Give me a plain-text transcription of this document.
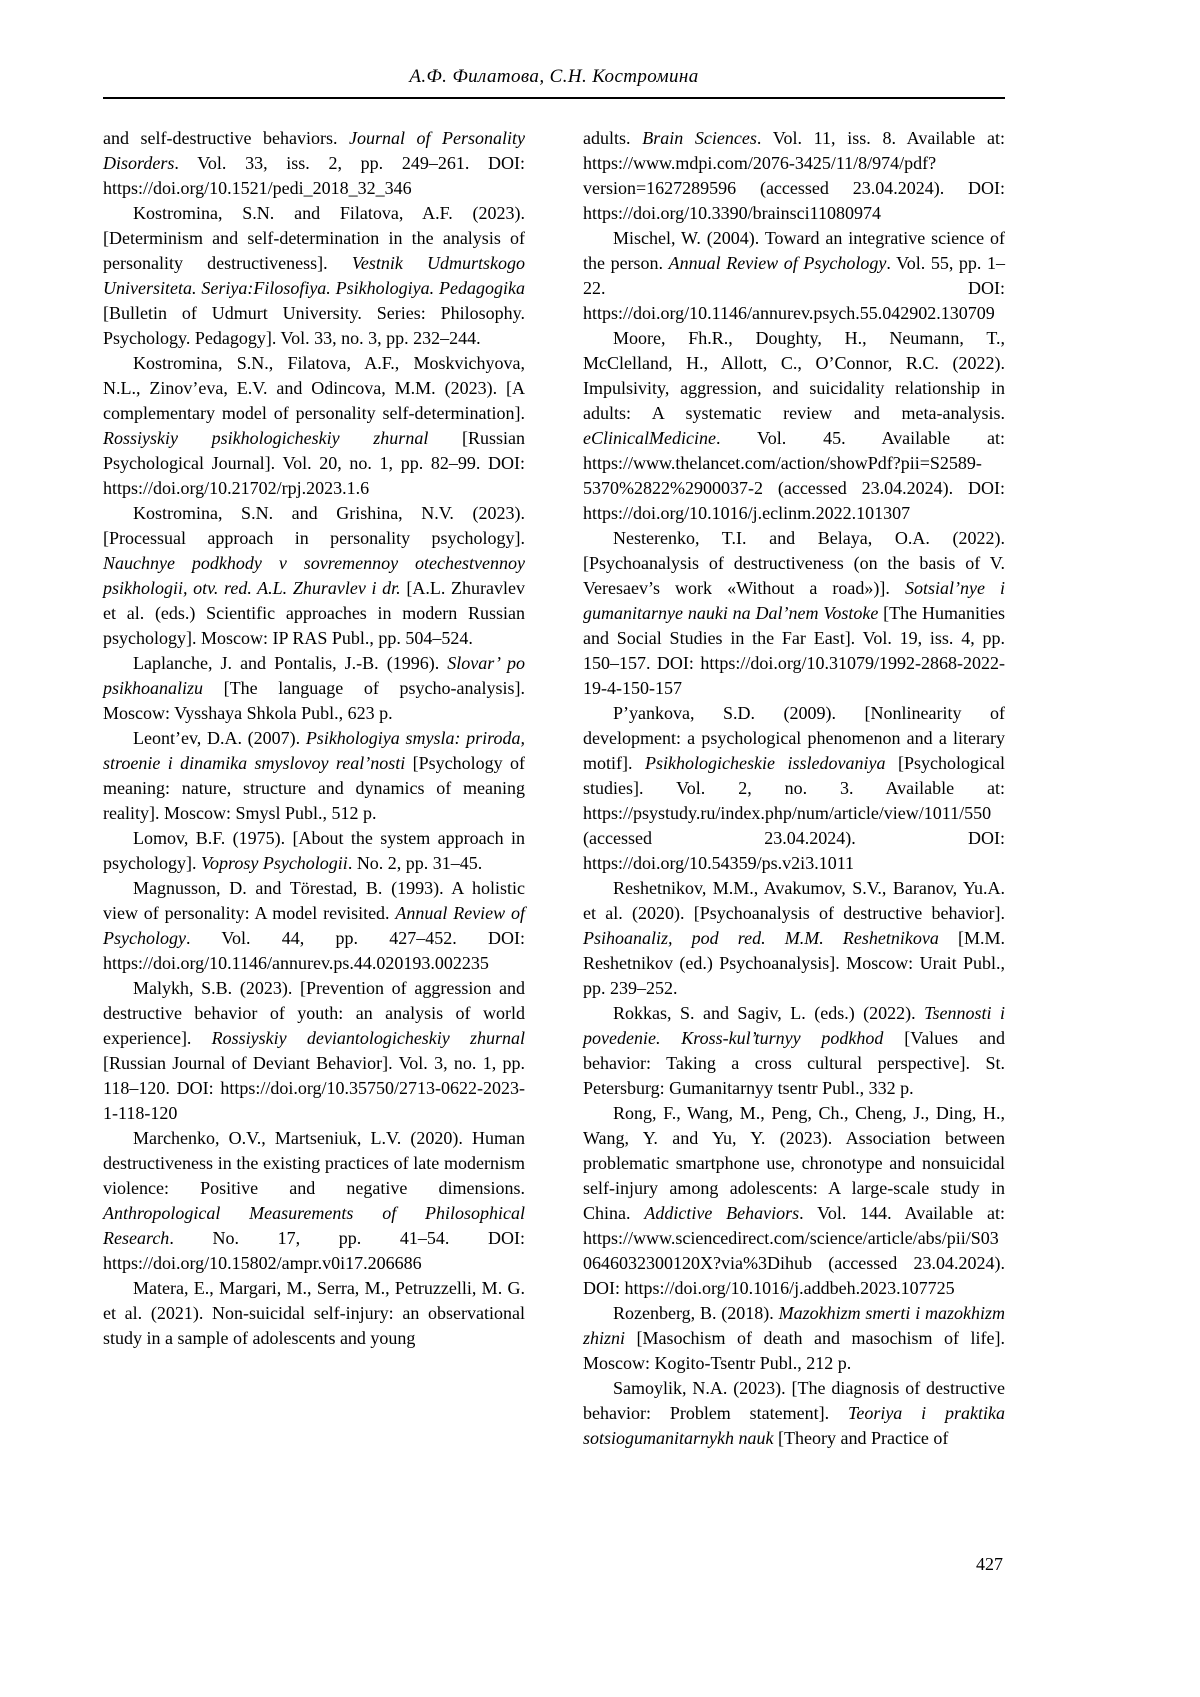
А.Ф. Филатова, С.Н. Костромина

and self-destructive behaviors. Journal of Personality Disorders. Vol. 33, iss. 2, pp. 249–261. DOI: https://doi.org/10.1521/pedi_2018_32_346

Kostromina, S.N. and Filatova, A.F. (2023). [Determinism and self-determination in the analysis of personality destructiveness]. Vestnik Udmurtskogo Universiteta. Seriya:Filosofiya. Psikhologiya. Pedagogika [Bulletin of Udmurt University. Series: Philosophy. Psychology. Pedagogy]. Vol. 33, no. 3, pp. 232–244.

Kostromina, S.N., Filatova, A.F., Moskvichyova, N.L., Zinov’eva, E.V. and Odincova, M.M. (2023). [A complementary model of personality self-determination]. Rossiyskiy psikhologicheskiy zhurnal [Russian Psychological Journal]. Vol. 20, no. 1, pp. 82–99. DOI: https://doi.org/10.21702/rpj.2023.1.6

Kostromina, S.N. and Grishina, N.V. (2023). [Processual approach in personality psychology]. Nauchnye podkhody v sovremennoy otechestvennoy psikhologii, otv. red. A.L. Zhuravlev i dr. [A.L. Zhuravlev et al. (eds.) Scientific approaches in modern Russian psychology]. Moscow: IP RAS Publ., pp. 504–524.

Laplanche, J. and Pontalis, J.-B. (1996). Slovar’ po psikhoanalizu [The language of psycho-analysis]. Moscow: Vysshaya Shkola Publ., 623 p.

Leont’ev, D.A. (2007). Psikhologiya smysla: priroda, stroenie i dinamika smyslovoy real’nosti [Psychology of meaning: nature, structure and dynamics of meaning reality]. Moscow: Smysl Publ., 512 p.

Lomov, B.F. (1975). [About the system approach in psychology]. Voprosy Psychologii. No. 2, pp. 31–45.

Magnusson, D. and Törestad, B. (1993). A holistic view of personality: A model revisited. Annual Review of Psychology. Vol. 44, pp. 427–452. DOI: https://doi.org/10.1146/annurev.ps.44.020193.002235

Malykh, S.B. (2023). [Prevention of aggression and destructive behavior of youth: an analysis of world experience]. Rossiyskiy deviantologicheskiy zhurnal [Russian Journal of Deviant Behavior]. Vol. 3, no. 1, pp. 118–120. DOI: https://doi.org/10.35750/2713-0622-2023-1-118-120

Marchenko, O.V., Martseniuk, L.V. (2020). Human destructiveness in the existing practices of late modernism violence: Positive and negative dimensions. Anthropological Measurements of Philosophical Research. No. 17, pp. 41–54. DOI: https://doi.org/10.15802/ampr.v0i17.206686

Matera, E., Margari, M., Serra, M., Petruzzelli, M. G. et al. (2021). Non-suicidal self-injury: an observational study in a sample of adolescents and young

adults. Brain Sciences. Vol. 11, iss. 8. Available at: https://www.mdpi.com/2076-3425/11/8/974/pdf?version=1627289596 (accessed 23.04.2024). DOI: https://doi.org/10.3390/brainsci11080974

Mischel, W. (2004). Toward an integrative science of the person. Annual Review of Psychology. Vol. 55, pp. 1–22. DOI: https://doi.org/10.1146/annurev.psych.55.042902.130709

Moore, Fh.R., Doughty, H., Neumann, T., McClelland, H., Allott, C., O’Connor, R.C. (2022). Impulsivity, aggression, and suicidality relationship in adults: A systematic review and meta-analysis. eClinicalMedicine. Vol. 45. Available at: https://www.thelancet.com/action/showPdf?pii=S2589-5370%2822%2900037-2 (accessed 23.04.2024). DOI: https://doi.org/10.1016/j.eclinm.2022.101307

Nesterenko, T.I. and Belaya, O.A. (2022). [Psychoanalysis of destructiveness (on the basis of V. Veresaev’s work «Without a road»)]. Sotsial’nye i gumanitarnye nauki na Dal’nem Vostoke [The Humanities and Social Studies in the Far East]. Vol. 19, iss. 4, pp. 150–157. DOI: https://doi.org/10.31079/1992-2868-2022-19-4-150-157

P’yankova, S.D. (2009). [Nonlinearity of development: a psychological phenomenon and a literary motif]. Psikhologicheskie issledovaniya [Psychological studies]. Vol. 2, no. 3. Available at: https://psystudy.ru/index.php/num/article/view/1011/550 (accessed 23.04.2024). DOI: https://doi.org/10.54359/ps.v2i3.1011

Reshetnikov, M.M., Avakumov, S.V., Baranov, Yu.A. et al. (2020). [Psychoanalysis of destructive behavior]. Psihoanaliz, pod red. M.M. Reshetnikova [M.M. Reshetnikov (ed.) Psychoanalysis]. Moscow: Urait Publ., pp. 239–252.

Rokkas, S. and Sagiv, L. (eds.) (2022). Tsennosti i povedenie. Kross-kul’turnyy podkhod [Values and behavior: Taking a cross cultural perspective]. St. Petersburg: Gumanitarnyy tsentr Publ., 332 p.

Rong, F., Wang, M., Peng, Ch., Cheng, J., Ding, H., Wang, Y. and Yu, Y. (2023). Association between problematic smartphone use, chronotype and nonsuicidal self-injury among adolescents: A large-scale study in China. Addictive Behaviors. Vol. 144. Available at: https://www.sciencedirect.com/science/article/abs/pii/S030646032300120X?via%3Dihub (accessed 23.04.2024). DOI: https://doi.org/10.1016/j.addbeh.2023.107725

Rozenberg, B. (2018). Mazokhizm smerti i mazokhizm zhizni [Masochism of death and masochism of life]. Moscow: Kogito-Tsentr Publ., 212 p.

Samoylik, N.A. (2023). [The diagnosis of destructive behavior: Problem statement]. Teoriya i praktika sotsiogumanitarnykh nauk [Theory and Practice of

427
